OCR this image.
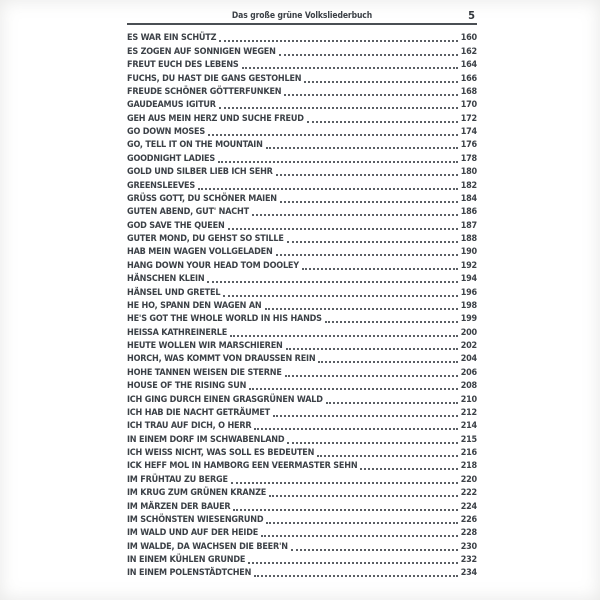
Das große grüne Volksliederbuch	5
ES WAR EIN SCHÜTZ	160
ES ZOGEN AUF SONNIGEN WEGEN	162
FREUT EUCH DES LEBENS	164
FUCHS, DU HAST DIE GANS GESTOHLEN	166
FREUDE SCHÖNER GÖTTERFUNKEN	168
GAUDEAMUS IGITUR	170
GEH AUS MEIN HERZ UND SUCHE FREUD	172
GO DOWN MOSES	174
GO, TELL IT ON THE MOUNTAIN	176
GOODNIGHT LADIES	178
GOLD UND SILBER LIEB ICH SEHR	180
GREENSLEEVES	182
GRÜSS GOTT, DU SCHÖNER MAIEN	184
GUTEN ABEND, GUT' NACHT	186
GOD SAVE THE QUEEN	187
GUTER MOND, DU GEHST SO STILLE	188
HAB MEIN WAGEN VOLLGELADEN	190
HANG DOWN YOUR HEAD TOM DOOLEY	192
HÄNSCHEN KLEIN	194
HÄNSEL UND GRETEL	196
HE HO, SPANN DEN WAGEN AN	198
HE'S GOT THE WHOLE WORLD IN HIS HANDS	199
HEISSA KATHREINERLE	200
HEUTE WOLLEN WIR MARSCHIEREN	202
HORCH, WAS KOMMT VON DRAUSSEN REIN	204
HOHE TANNEN WEISEN DIE STERNE	206
HOUSE OF THE RISING SUN	208
ICH GING DURCH EINEN GRASGRÜNEN WALD	210
ICH HAB DIE NACHT GETRÄUMET	212
ICH TRAU AUF DICH, O HERR	214
IN EINEM DORF IM SCHWABENLAND	215
ICH WEISS NICHT, WAS SOLL ES BEDEUTEN	216
ICK HEFF MOL IN HAMBORG EEN VEERMASTER SEHN	218
IM FRÜHTAU ZU BERGE	220
IM KRUG ZUM GRÜNEN KRANZE	222
IM MÄRZEN DER BAUER	224
IM SCHÖNSTEN WIESENGRUND	226
IM WALD UND AUF DER HEIDE	228
IM WALDE, DA WACHSEN DIE BEER'N	230
IN EINEM KÜHLEN GRUNDE	232
IN EINEM POLENSTÄDTCHEN	234
